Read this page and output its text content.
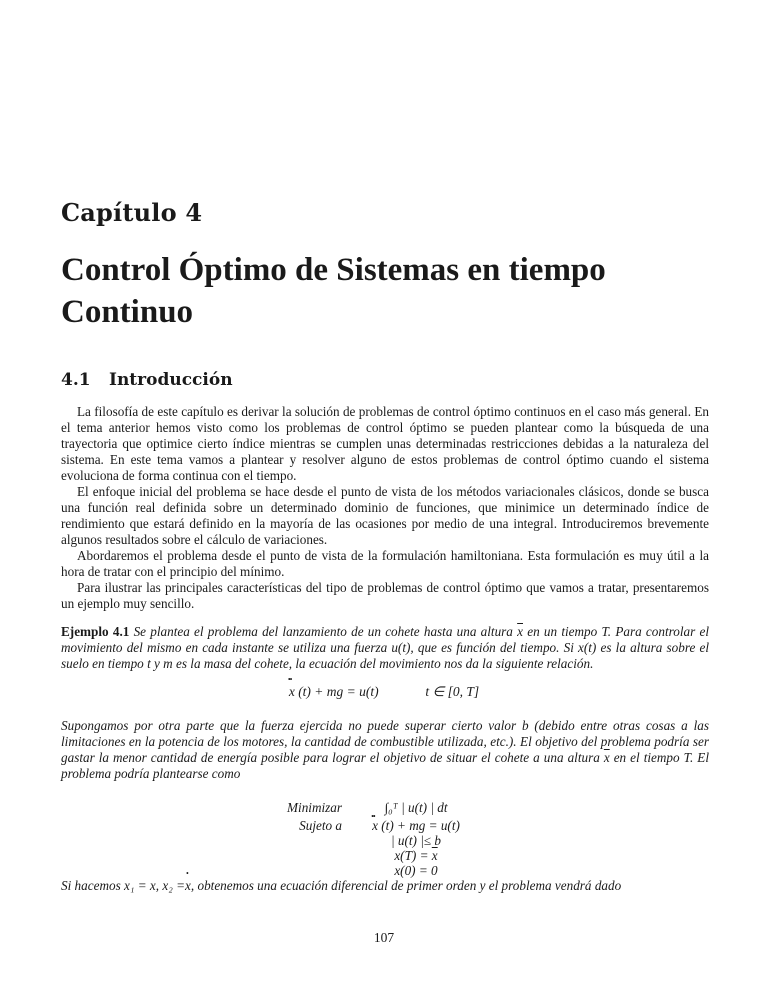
Capítulo 4
Control Óptimo de Sistemas en tiempo Continuo
4.1 Introducción

La filosofía de este capítulo es derivar la solución de problemas de control óptimo continuos en el caso más general. En el tema anterior hemos visto como los problemas de control óptimo se pueden plantear como la búsqueda de una trayectoria que optimice cierto índice mientras se cumplen unas determinadas restricciones debidas a la naturaleza del sistema. En este tema vamos a plantear y resolver alguno de estos problemas de control óptimo cuando el sistema evoluciona de forma continua con el tiempo.

El enfoque inicial del problema se hace desde el punto de vista de los métodos variacionales clásicos, donde se busca una función real definida sobre un determinado dominio de funciones, que minimice un determinado índice de rendimiento que estará definido en la mayoría de las ocasiones por medio de una integral. Introduciremos brevemente algunos resultados sobre el cálculo de variaciones.

Abordaremos el problema desde el punto de vista de la formulación hamiltoniana. Esta formulación es muy útil a la hora de tratar con el principio del mínimo.

Para ilustrar las principales características del tipo de problemas de control óptimo que vamos a tratar, presentaremos un ejemplo muy sencillo.

Ejemplo 4.1 Se plantea el problema del lanzamiento de un cohete hasta una altura $\overline{x}$ en un tiempo T. Para controlar el movimiento del mismo en cada instante se utiliza una fuerza u(t), que es función del tiempo. Si x(t) es la altura sobre el suelo en tiempo t y m es la masa del cohete, la ecuación del movimiento nos da la siguiente relación.
•• x (t) + mg = u(t)	t ∈ [0, T]
Supongamos por otra parte que la fuerza ejercida no puede superar cierto valor b (debido entre otras cosas a las limitaciones en la potencia de los motores, la cantidad de combustible utilizada, etc.). El objetivo del problema podría ser gastar la menor cantidad de energía posible para lograr el objetivo de situar el cohete a una altura $\overline{x}$ en el tiempo T. El problema podría plantearse como
Minimizar	∫₀ᵀ | u(t) | dt
Sujeto a	•• x (t) + mg = u(t)
| u(t) |≤ b
$x(T) = \overline{x}$
x(0) = 0
Si hacemos x₁ = x, x₂ =• x, obtenemos una ecuación diferencial de primer orden y el problema vendrá dado
107
